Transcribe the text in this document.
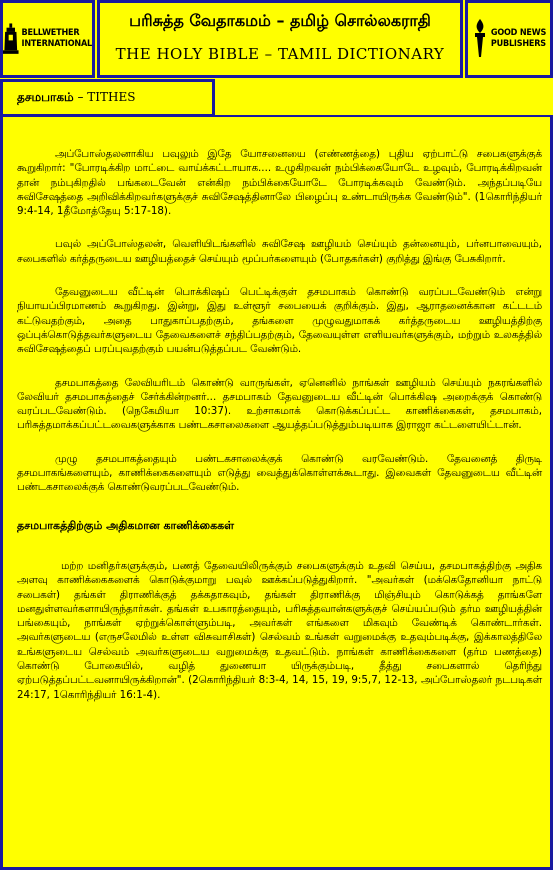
BELLWETHER
INTERNATIONAL
பரிசுத்த வேதாகமம் – தமிழ் சொல்லகராதி
THE HOLY BIBLE – TAMIL DICTIONARY
GOOD NEWS
PUBLISHERS
தசமபாகம் – TITHES

அப்போஸ்தலனாகிய பவுலும் இதே யோசனையை (எண்ணத்தை) புதிய ஏற்பாட்டு சபைகளுக்குக் கூறுகிறார்: "போரடிக்கிற மாட்டை வாய்க்கட்டாயாக.... உழுகிறவன் நம்பிக்கையோடே உழவும், போரடிக்கிறவன் தான் நம்புகிறதில் பங்கடைவேன் என்கிற நம்பிக்கையோடே போரடிக்கவும் வேண்டும். அந்தப்படியே சுவிசேஷத்தை அறிவிக்கிறவர்களுக்குச் சுவிசேஷத்தினாலே பிழைப்பு உண்டாயிருக்க வேண்டும்". (1கொரிந்தியர் 9:4-14, 1தீமோத்தேயு 5:17-18).

பவுல் அப்போஸ்தலன், வெளியிடங்களில் சுவிசேஷ ஊழியம் செய்யும் தன்னையும், பர்னபாவையும், சபைகளில் கர்த்தருடைய ஊழியத்தைச் செய்யும் மூப்பர்களையும் (போதகர்கள்) குறித்து இங்கு பேசுகிறார்.

தேவனுடைய வீட்டின் பொக்கிஷப் பெட்டிக்குள் தசமபாகம் கொண்டு வரப்படவேண்டும் என்று நியாயப்பிரமாணம் கூறுகிறது. இன்று, இது உள்ளூர் சபையைக் குறிக்கும். இது, ஆராதனைக்கான கட்டடம் கட்டுவதற்கும், அதை பாதுகாப்பதற்கும், தங்களை முழுவதுமாகக் கர்த்தருடைய ஊழியத்திற்கு ஒப்புக்கொடுத்தவர்களுடைய தேவைகளைச் சந்திப்பதற்கும், தேவையுள்ள எளியவர்களுக்கும், மற்றும் உலகத்தில் சுவிசேஷத்தைப் பரப்புவதற்கும் பயன்படுத்தப்பட வேண்டும்.

தசமபாகத்தை லேவியரிடம் கொண்டு வாருங்கள், ஏனெனில் நாங்கள் ஊழியம் செய்யும் நகரங்களில் லேவியர் தசமபாகத்தைச் சேர்க்கின்றனர்... தசமபாகம் தேவனுடைய வீட்டின் பொக்கிஷ அறைக்குக் கொண்டு வரப்படவேண்டும். (நெகேமியா 10:37). உற்சாகமாக் கொடுக்கப்பட்ட காணிக்கைகள், தசமபாகம், பரிசுத்தமாக்கப்பட்டவைகளுக்காக பண்டகசாலைகளை ஆயத்தப்படுத்தும்படியாக இராஜா கட்டளையிட்டான்.

முழு தசமபாகத்தையும் பண்டகசாலைக்குக் கொண்டு வரவேண்டும். தேவனைத் திருடி தசமபாகங்களையும், காணிக்கைகளையும் எடுத்து வைத்துக்கொள்ளக்கூடாது. இவைகள் தேவனுடைய வீட்டின் பண்டகசாலைக்குக் கொண்டுவரப்படவேண்டும்.

தசமபாகத்திற்கும் அதிகமான காணிக்கைகள்

மற்ற மனிதர்களுக்கும், பணத் தேவையிலிருக்கும் சபைகளுக்கும் உதவி செய்ய, தசமபாகத்திற்கு அதிக அளவு காணிக்கைகளைக் கொடுக்குமாறு பவுல் ஊக்கப்படுத்துகிறார். "அவர்கள் (மக்கெதோனியா நாட்டு சபைகள்) தங்கள் திராணிக்குத் தக்கதாகவும், தங்கள் திராணிக்கு மிஞ்சியும் கொடுக்கத் தாங்களே மனதுள்ளவர்களாயிருந்தார்கள். தங்கள் உபகாரத்தையும், பரிசுத்தவான்களுக்குச் செய்யப்படும் தர்ம ஊழியத்தின் பங்கையும், நாங்கள் ஏற்றுக்கொள்ளும்படி, அவர்கள் எங்களை மிகவும் வேண்டிக் கொண்டார்கள். அவர்களுடைய (எருசலேமில் உள்ள விசுவாசிகள்) செல்வம் உங்கள் வறுமைக்கு உதவும்படிக்கு, இக்காலத்திலே உங்களுடைய செல்வம் அவர்களுடைய வறுமைக்கு உதவட்டும். நாங்கள் காணிக்கைகளை (தர்ம பணத்தை) கொண்டு போகையில், வழித் துணையா யிருக்கும்படி, தீத்து சபைகளால் தெரிந்து ஏற்படுத்தப்பட்டவனாயிருக்கிறான்". (2கொரிந்தியர் 8:3-4, 14, 15, 19, 9:5,7, 12-13, அப்போஸ்தலர் நடபடிகள் 24:17, 1கொரிந்தியர் 16:1-4).
